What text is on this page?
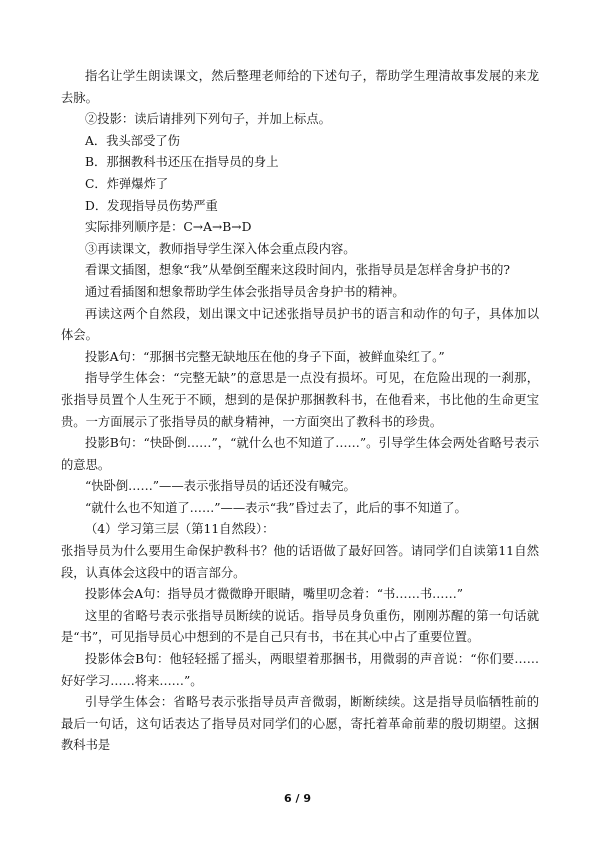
指名让学生朗读课文，然后整理老师给的下述句子，帮助学生理清故事发展的来龙去脉。

②投影：读后请排列下列句子，并加上标点。

A．我头部受了伤

B．那捆教科书还压在指导员的身上

C．炸弹爆炸了

D．发现指导员伤势严重

实际排列顺序是：C→A→B→D

③再读课文，教师指导学生深入体会重点段内容。

看课文插图，想象“我”从晕倒至醒来这段时间内，张指导员是怎样舍身护书的?

通过看插图和想象帮助学生体会张指导员舍身护书的精神。

再读这两个自然段，划出课文中记述张指导员护书的语言和动作的句子，具体加以体会。

投影A句：“那捆书完整无缺地压在他的身子下面，被鲜血染红了。”

指导学生体会：“完整无缺”的意思是一点没有损坏。可见，在危险出现的一刹那，张指导员置个人生死于不顾，想到的是保护那捆教科书，在他看来，书比他的生命更宝贵。一方面展示了张指导员的献身精神，一方面突出了教科书的珍贵。

投影B句：“快卧倒……”，“就什么也不知道了……”。引导学生体会两处省略号表示的意思。

“快卧倒……”——表示张指导员的话还没有喊完。

“就什么也不知道了……”——表示“我”昏过去了，此后的事不知道了。

（4）学习第三层（第11自然段）：

张指导员为什么要用生命保护教科书？他的话语做了最好回答。请同学们自读第11自然段，认真体会这段中的语言部分。

投影体会A句：指导员才微微睁开眼睛，嘴里叨念着：“书……书……”

这里的省略号表示张指导员断续的说话。指导员身负重伤，刚刚苏醒的第一句话就是“书”，可见指导员心中想到的不是自己只有书，书在其心中占了重要位置。

投影体会B句：他轻轻摇了摇头，两眼望着那捆书，用微弱的声音说：“你们要……好好学习……将来……”。

引导学生体会：省略号表示张指导员声音微弱，断断续续。这是指导员临牺牲前的最后一句话，这句话表达了指导员对同学们的心愿，寄托着革命前辈的殷切期望。这捆教科书是

6 / 9
